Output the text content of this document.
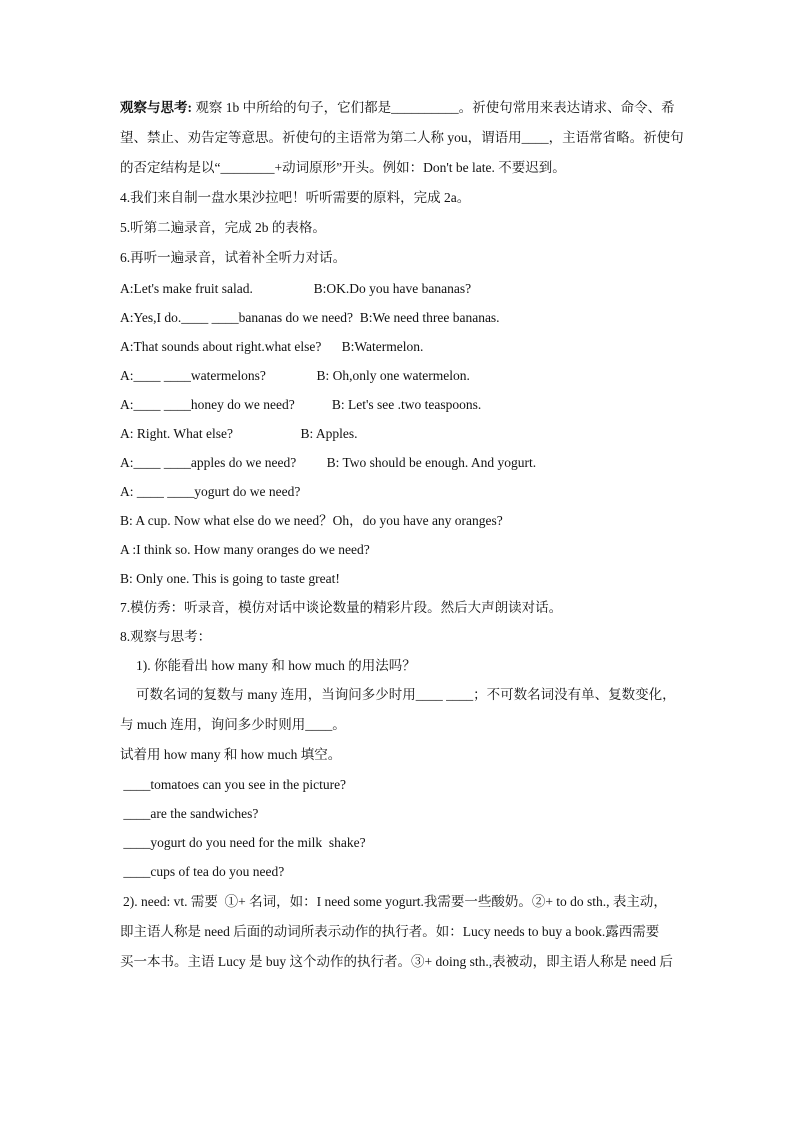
观察与思考: 观察 1b 中所给的句子，它们都是__________。祈使句常用来表达请求、命令、希
望、禁止、劝告定等意思。祈使句的主语常为第二人称 you，谓语用____，主语常省略。祈使句
的否定结构是以“________+动词原形”开头。例如：Don't be late. 不要迟到。
4.我们来自制一盘水果沙拉吧！听听需要的原料，完成 2a。
5.听第二遍录音，完成 2b 的表格。
6.再听一遍录音，试着补全听力对话。
A:Let's make fruit salad.                  B:OK.Do you have bananas?
A:Yes,I do.____ ____bananas do we need?  B:We need three bananas.
A:That sounds about right.what else?      B:Watermelon.
A:____ ____watermelons?               B: Oh,only one watermelon.
A:____ ____honey do we need?           B: Let's see .two teaspoons.
A: Right. What else?                    B: Apples.
A:____ ____apples do we need?         B: Two should be enough. And yogurt.
A: ____ ____yogurt do we need?
B: A cup. Now what else do we need？Oh，do you have any oranges?
A :I think so. How many oranges do we need?
B: Only one. This is going to taste great!
7.模仿秀：听录音，模仿对话中谈论数量的精彩片段。然后大声朗读对话。
8.观察与思考：
1). 你能看出 how many 和 how much 的用法吗？
可数名词的复数与 many 连用，当询问多少时用____ ____；不可数名词没有单、复数变化，
与 much 连用，询问多少时则用____。
试着用 how many 和 how much 填空。
____tomatoes can you see in the picture?
____are the sandwiches?
____yogurt do you need for the milk  shake?
____cups of tea do you need?
2). need: vt. 需要  ①+ 名词，如：I need some yogurt.我需要一些酸奶。②+ to do sth., 表主动，
即主语人称是 need 后面的动词所表示动作的执行者。如：Lucy needs to buy a book.露西需要
买一本书。主语 Lucy 是 buy 这个动作的执行者。③+ doing sth.,表被动，即主语人称是 need 后
